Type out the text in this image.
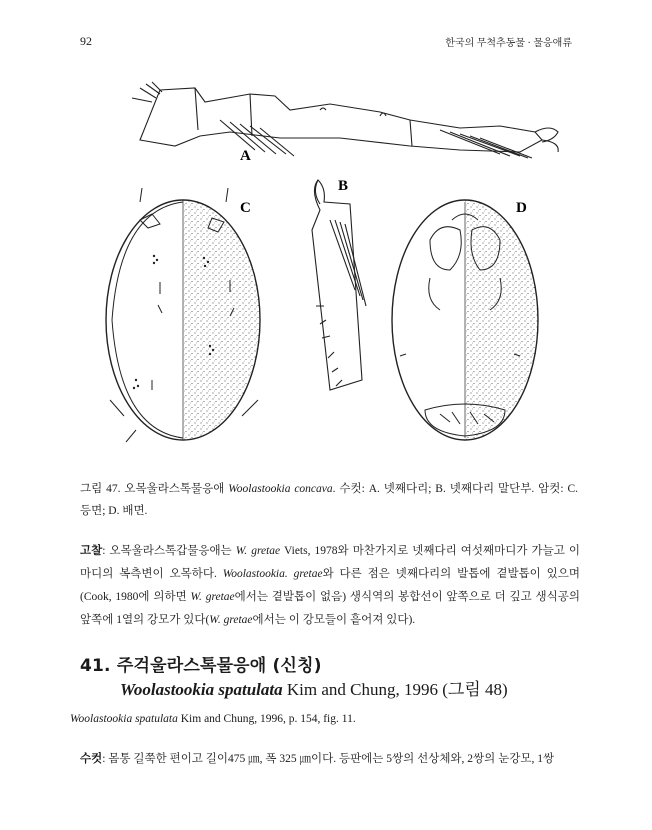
92	한국의 무척추동물 · 물응애류
A
C
B
D
그림 47. 오목울라스톡물응애 Woolastookia concava. 수컷: A. 넷째다리; B. 넷째다리 말단부. 암컷: C. 등면; D. 배면.
고찰: 오목울라스톡갑물응애는 W. gretae Viets, 1978와 마찬가지로 넷째다리 여섯째마디가 가늘고 이 마디의 복측변이 오목하다. Woolastookia. gretae와 다른 점은 넷째다리의 발톱에 곁발톱이 있으며 (Cook, 1980에 의하면 W. gretae에서는 곁발톱이 없음) 생식역의 봉합선이 앞쪽으로 더 깊고 생식공의 앞쪽에 1열의 강모가 있다(W. gretae에서는 이 강모들이 흩어져 있다).
41. 주걱울라스톡물응애 (신칭)
Woolastookia spatulata Kim and Chung, 1996 (그림 48)
Woolastookia spatulata Kim and Chung, 1996, p. 154, fig. 11.
수컷: 몸통 길쭉한 편이고 길이475 ㎛, 폭 325 ㎛이다. 등판에는 5쌍의 선상체와, 2쌍의 눈강모, 1쌍
